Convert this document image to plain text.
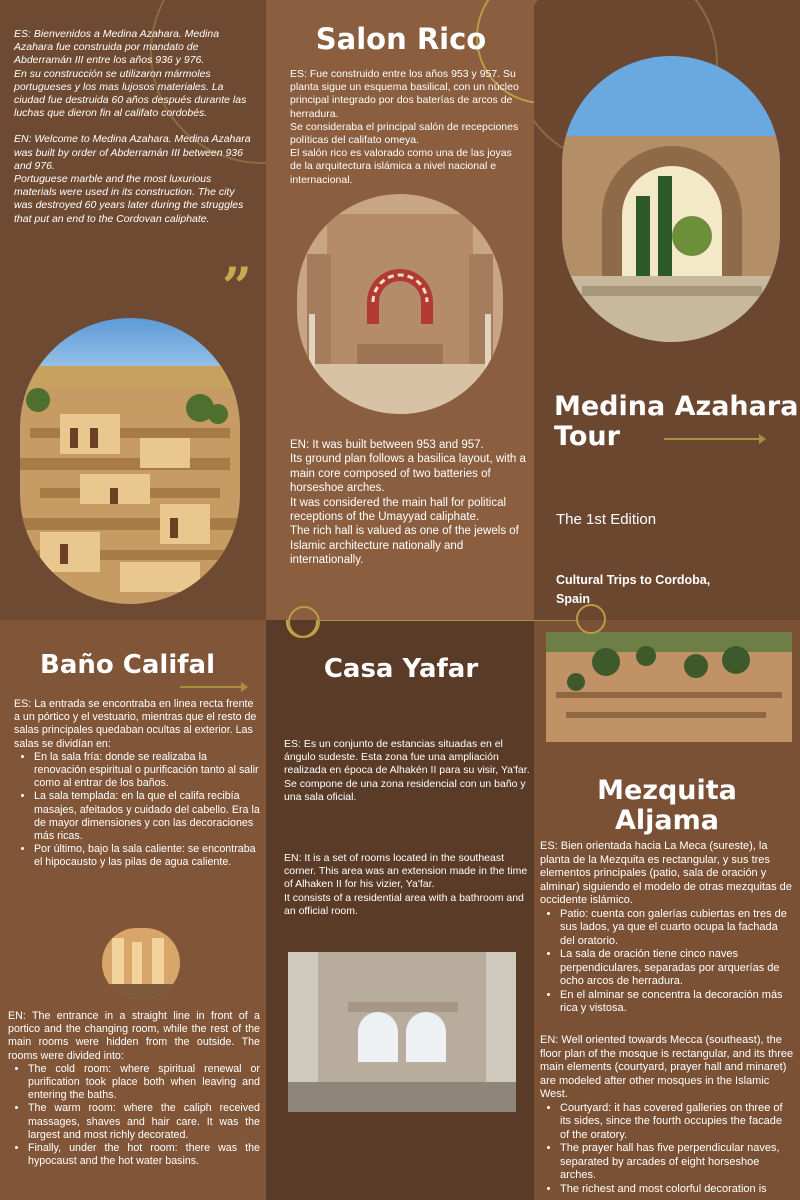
ES: Bienvenidos a Medina Azahara. Medina Azahara fue construida por mandato de Abderramán III entre los años 936 y 976.
En su construcción se utilizaron mármoles portugueses y los mas lujosos materiales. La ciudad fue destruida 60 años después durante las luchas que dieron fin al califato cordobés.

EN: Welcome to Medina Azahara. Medina Azahara was built by order of Abderramán III between 936 and 976.
Portuguese marble and the most luxurious materials were used in its construction. The city was destroyed 60 years later during the struggles that put an end to the Cordovan caliphate.

”
Salon Rico
ES: Fue construido entre los años 953 y 957. Su planta sigue un esquema basilical, con un núcleo principal integrado por dos baterías de arcos de herradura.
Se consideraba el principal salón de recepciones políticas del califato omeya.
El salón rico es valorado como una de las joyas de la arquitectura islámica a nivel nacional e internacional.
EN: It was built between 953 and 957.
Its ground plan follows a basilica layout, with a main core composed of two batteries of horseshoe arches.
It was considered the main hall for political receptions of the Umayyad caliphate.
The rich hall is valued as one of the jewels of Islamic architecture nationally and internationally.
Medina Azahara
Tour
The 1st Edition
Cultural Trips to Cordoba,
Spain
Baño Califal
ES: La entrada se encontraba en linea recta frente a un pórtico y el vestuario, mientras que el resto de salas principales quedaban ocultas al exterior. Las salas se dividían en:
• En la sala fría: donde se realizaba la renovación espiritual o purificación tanto al salir como al entrar de los baños.
• La sala templada: en la que el califa recibía masajes, afeitados y cuidado del cabello. Era la de mayor dimensiones y con las decoraciones más ricas.
• Por último, bajo la sala caliente: se encontraba el hipocausto y las pilas de agua caliente.
EN: The entrance in a straight line in front of a portico and the changing room, while the rest of the main rooms were hidden from the outside. The rooms were divided into:
• The cold room: where spiritual renewal or purification took place both when leaving and entering the baths.
• The warm room: where the caliph received massages, shaves and hair care. It was the largest and most richly decorated.
• Finally, under the hot room: there was the hypocaust and the hot water basins.
Casa Yafar
ES: Es un conjunto de estancias situadas en el ángulo sudeste. Esta zona fue una ampliación realizada en época de Alhakén II para su visir, Ya'far.
Se compone de una zona residencial con un baño y una sala oficial.
EN: It is a set of rooms located in the southeast corner. This area was an extension made in the time of Alhaken II for his vizier, Ya'far.
It consists of a residential area with a bathroom and an official room.
Mezquita
Aljama
ES: Bien orientada hacia La Meca (sureste), la planta de la Mezquita es rectangular, y sus tres elementos principales (patio, sala de oración y alminar) siguiendo el modelo de otras mezquitas de occidente islámico.
• Patio: cuenta con galerías cubiertas en tres de sus lados, ya que el cuarto ocupa la fachada del oratorio.
• La sala de oración tiene cinco naves perpendiculares, separadas por arquerías de ocho arcos de herradura.
• En el alminar se concentra la decoración más rica y vistosa.
EN: Well oriented towards Mecca (southeast), the floor plan of the mosque is rectangular, and its three main elements (courtyard, prayer hall and minaret) are modeled after other mosques in the Islamic West.
• Courtyard: it has covered galleries on three of its sides, since the fourth occupies the facade of the oratory.
• The prayer hall has five perpendicular naves, separated by arcades of eight horseshoe arches.
• The richest and most colorful decoration is
